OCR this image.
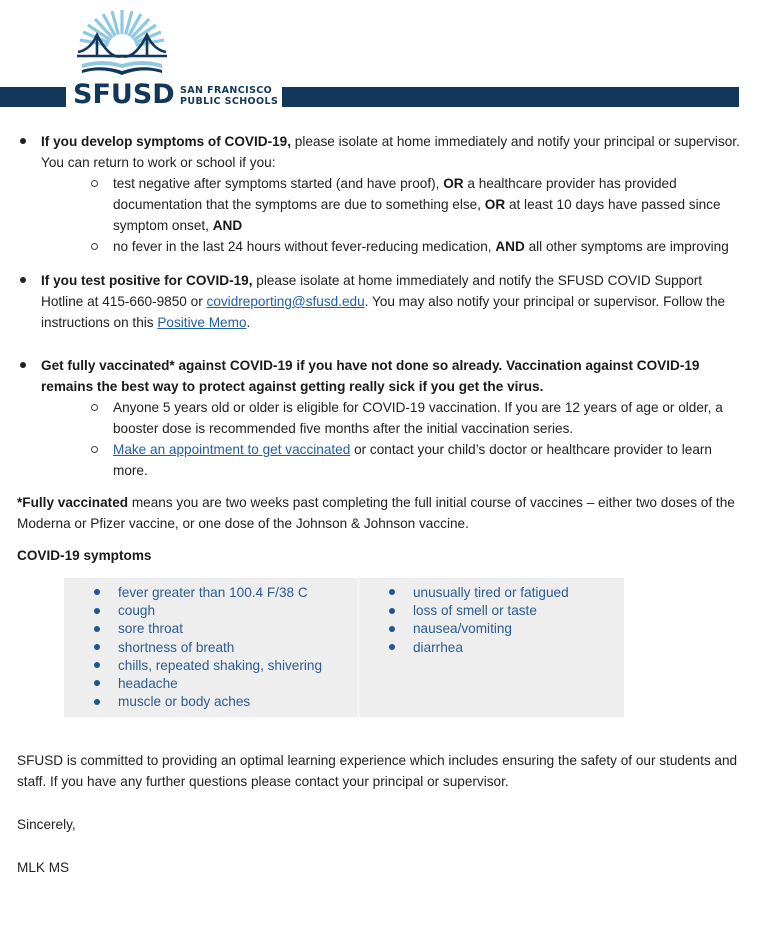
SFUSD SAN FRANCISCO
PUBLIC SCHOOLS
If you develop symptoms of COVID-19, please isolate at home immediately and notify your principal or supervisor. You can return to work or school if you:
test negative after symptoms started (and have proof), OR a healthcare provider has provided documentation that the symptoms are due to something else, OR at least 10 days have passed since symptom onset, AND
no fever in the last 24 hours without fever-reducing medication, AND all other symptoms are improving
If you test positive for COVID-19, please isolate at home immediately and notify the SFUSD COVID Support Hotline at 415-660-9850 or covidreporting@sfusd.edu. You may also notify your principal or supervisor. Follow the instructions on this Positive Memo.
Get fully vaccinated* against COVID-19 if you have not done so already. Vaccination against COVID-19 remains the best way to protect against getting really sick if you get the virus.
Anyone 5 years old or older is eligible for COVID-19 vaccination. If you are 12 years of age or older, a booster dose is recommended five months after the initial vaccination series.
Make an appointment to get vaccinated or contact your child’s doctor or healthcare provider to learn more.
*Fully vaccinated means you are two weeks past completing the full initial course of vaccines – either two doses of the Moderna or Pfizer vaccine, or one dose of the Johnson & Johnson vaccine.
COVID-19 symptoms
fever greater than 100.4 F/38 C
cough
sore throat
shortness of breath
chills, repeated shaking, shivering
headache
muscle or body aches
unusually tired or fatigued
loss of smell or taste
nausea/vomiting
diarrhea
SFUSD is committed to providing an optimal learning experience which includes ensuring the safety of our students and staff. If you have any further questions please contact your principal or supervisor.
Sincerely,
MLK MS
